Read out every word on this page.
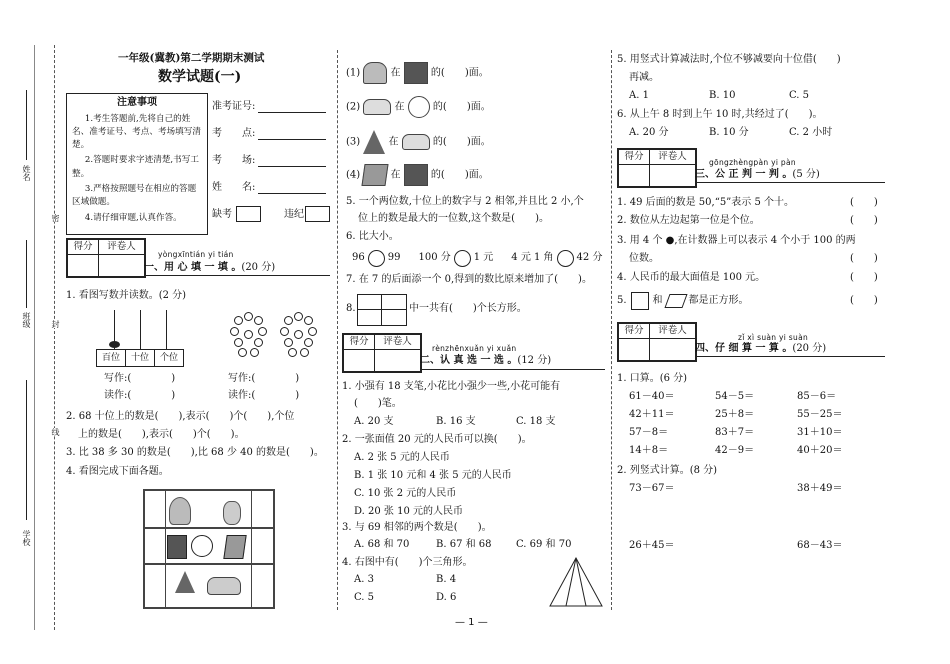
姓名
班级
学校
密
封
线
一年级(冀教)第二学期期末测试
数学试题(一)
注意事项
1.考生答题前,先将自己的姓名、准考证号、考点、考场填写清楚。
2.答题时要求字迹清楚,书写工整。
3.严格按照题号在相应的答题区域做题。
4.请仔细审题,认真作答。
准考证号:
考　　点:
考　　场:
姓　　名:
缺考	违纪
得分	评卷人

yòngxīntián yi tián
一、用 心 填 一 填 。(20 分)
1. 看图写数并读数。(2 分)
百位	十位	个位
写作:(　　　　)
读作:(　　　　)
写作:(　　　　)
读作:(　　　　)
2. 68 十位上的数是(　　),表示(　　)个(　　),个位
上的数是(　　),表示(　　)个(　　)。
3. 比 38 多 30 的数是(　　),比 68 少 40 的数是(　　)。
4. 看图完成下面各题。
(1)	在	的(　　)面。
(2)	在	的(　　)面。
(3)	在	的(　　)面。
(4)	在	的(　　)面。
5. 一个两位数,十位上的数字与 2 相邻,并且比 2 小,个
位上的数是最大的一位数,这个数是(　　)。
6. 比大小。
96 99 100 分 1 元 4 元 1 角 42 分
7. 在 7 的后面添一个 0,得到的数比原来增加了(　　)。
8.	中一共有(　　)个长方形。
得分	评卷人

rènzhēnxuǎn yi xuǎn
二、认 真 选 一 选 。(12 分)
1. 小强有 18 支笔,小花比小强少一些,小花可能有
(　　)笔。
A. 20 支	B. 16 支	C. 18 支
2. 一张面值 20 元的人民币可以换(　　)。
A. 2 张 5 元的人民币
B. 1 张 10 元和 4 张 5 元的人民币
C. 10 张 2 元的人民币
D. 20 张 10 元的人民币
3. 与 69 相邻的两个数是(　　)。
A. 68 和 70	B. 67 和 68 C. 69 和 70
4. 右图中有(　　)个三角形。
A. 3	B. 4
C. 5	D. 6
5. 用竖式计算减法时,个位不够减要向十位借(　　)
再减。
A. 1	B. 10	C. 5
6. 从上午 8 时到上午 10 时,共经过了(　　)。
A. 20 分	B. 10 分	C. 2 小时
得分	评卷人

gōngzhèngpàn yi pàn
三、公 正 判 一 判 。(5 分)
1. 49 后面的数是 50,“5”表示 5 个十。	(　　)
2. 数位从左边起第一位是个位。	(　　)
3. 用 4 个 ●,在计数器上可以表示 4 个小于 100 的两
位数。	(　　)
4. 人民币的最大面值是 100 元。	(　　)
5.	和	都是正方形。	(　　)
得分	评卷人

zǐ xì suàn yi suàn
四、仔 细 算 一 算 。(20 分)
1. 口算。(6 分)
61－40＝	54－5＝	85－6＝
42＋11＝	25＋8＝	55－25＝
57－8＝	83＋7＝	31＋10＝
14＋8＝	42－9＝	40＋20＝
2. 列竖式计算。(8 分)
73－67＝	38＋49＝
26＋45＝	68－43＝
— 1 —
